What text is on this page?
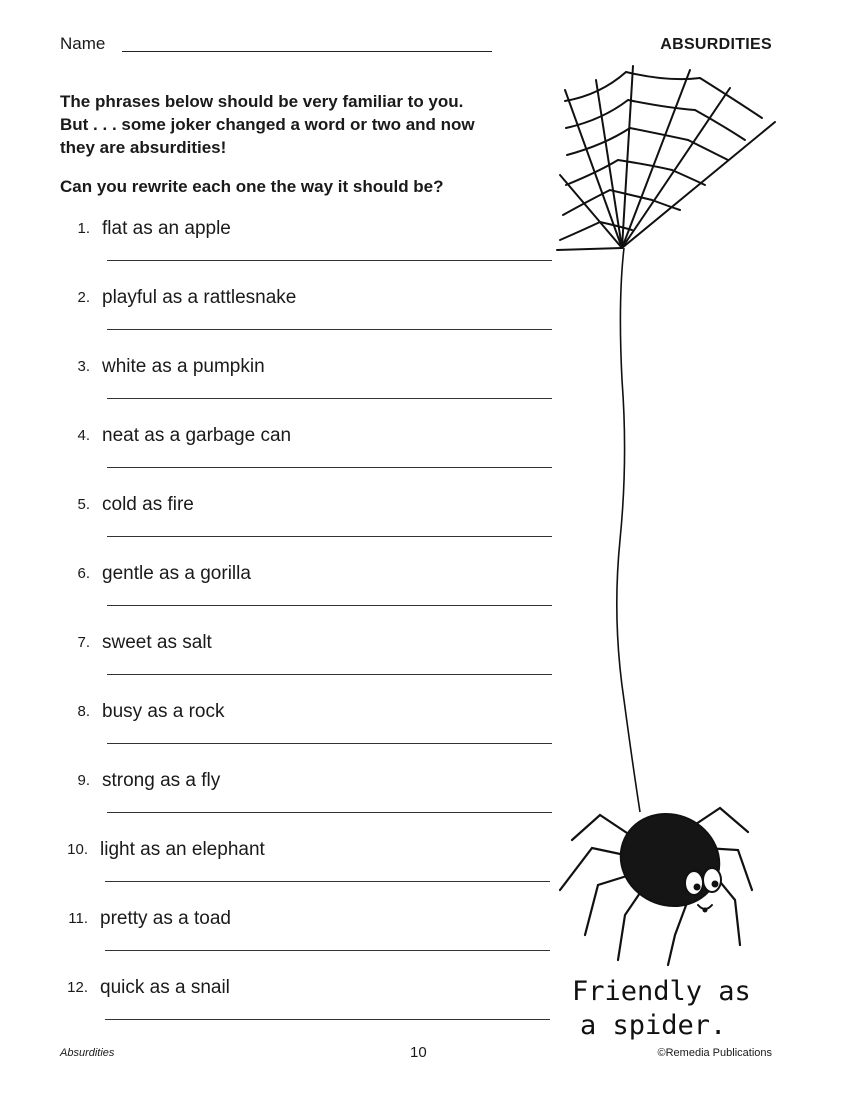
Name	ABSURDITIES

The phrases below should be very familiar to you.

But . . . some joker changed a word or two and now

they are absurdities!

Can you rewrite each one the way it should be?
1. flat as an apple
2. playful as a rattlesnake
3. white as a pumpkin
4. neat as a garbage can
5. cold as fire
6. gentle as a gorilla
7. sweet as salt
8. busy as a rock
9. strong as a fly
10. light as an elephant
11. pretty as a toad
12. quick as a snail	Friendly as
a spider.
Absurdities	10	©Remedia Publications
